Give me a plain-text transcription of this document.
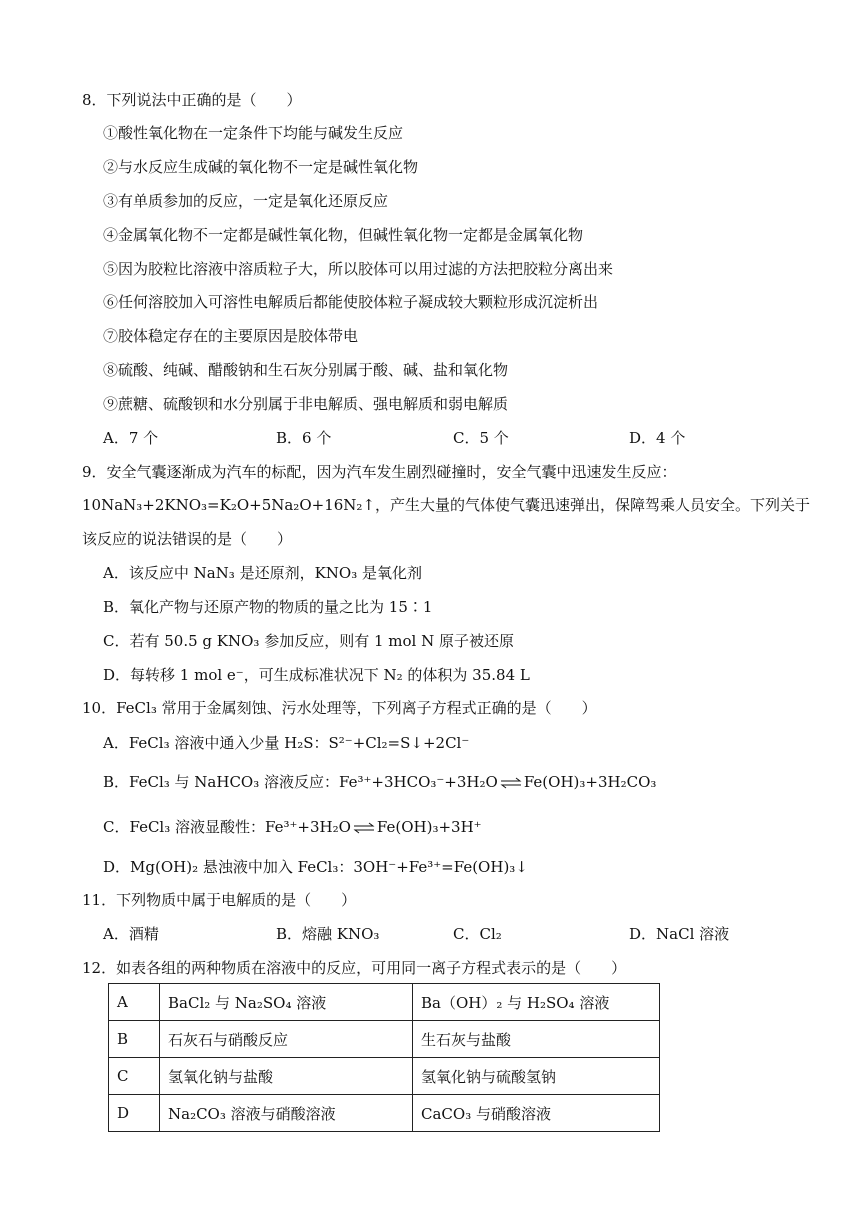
8．下列说法中正确的是（　　）
①酸性氧化物在一定条件下均能与碱发生反应
②与水反应生成碱的氧化物不一定是碱性氧化物
③有单质参加的反应，一定是氧化还原反应
④金属氧化物不一定都是碱性氧化物，但碱性氧化物一定都是金属氧化物
⑤因为胶粒比溶液中溶质粒子大，所以胶体可以用过滤的方法把胶粒分离出来
⑥任何溶胶加入可溶性电解质后都能使胶体粒子凝成较大颗粒形成沉淀析出
⑦胶体稳定存在的主要原因是胶体带电
⑧硫酸、纯碱、醋酸钠和生石灰分别属于酸、碱、盐和氧化物
⑨蔗糖、硫酸钡和水分别属于非电解质、强电解质和弱电解质
A．7 个	B．6 个	C．5 个	D．4 个
9．安全气囊逐渐成为汽车的标配，因为汽车发生剧烈碰撞时，安全气囊中迅速发生反应：
10NaN₃+2KNO₃=K₂O+5Na₂O+16N₂↑，产生大量的气体使气囊迅速弹出，保障驾乘人员安全。下列关于
该反应的说法错误的是（　　）
A．该反应中 NaN₃ 是还原剂，KNO₃ 是氧化剂
B．氧化产物与还原产物的物质的量之比为 15∶1
C．若有 50.5 g KNO₃ 参加反应，则有 1 mol N 原子被还原
D．每转移 1 mol e⁻，可生成标准状况下 N₂ 的体积为 35.84 L
10．FeCl₃ 常用于金属刻蚀、污水处理等，下列离子方程式正确的是（　　）
A．FeCl₃ 溶液中通入少量 H₂S：S²⁻+Cl₂=S↓+2Cl⁻
B．FeCl₃ 与 NaHCO₃ 溶液反应：Fe³⁺+3HCO₃⁻+3H₂O ⇌ Fe(OH)₃+3H₂CO₃
C．FeCl₃ 溶液显酸性：Fe³⁺+3H₂O ⇌ Fe(OH)₃+3H⁺
D．Mg(OH)₂ 悬浊液中加入 FeCl₃：3OH⁻+Fe³⁺=Fe(OH)₃↓
11．下列物质中属于电解质的是（　　）
A．酒精	B．熔融 KNO₃	C．Cl₂	D．NaCl 溶液
12．如表各组的两种物质在溶液中的反应，可用同一离子方程式表示的是（　　）
A	BaCl₂ 与 Na₂SO₄ 溶液	Ba（OH）₂ 与 H₂SO₄ 溶液
B	石灰石与硝酸反应	生石灰与盐酸
C	氢氧化钠与盐酸	氢氧化钠与硫酸氢钠
D	Na₂CO₃ 溶液与硝酸溶液	CaCO₃ 与硝酸溶液
